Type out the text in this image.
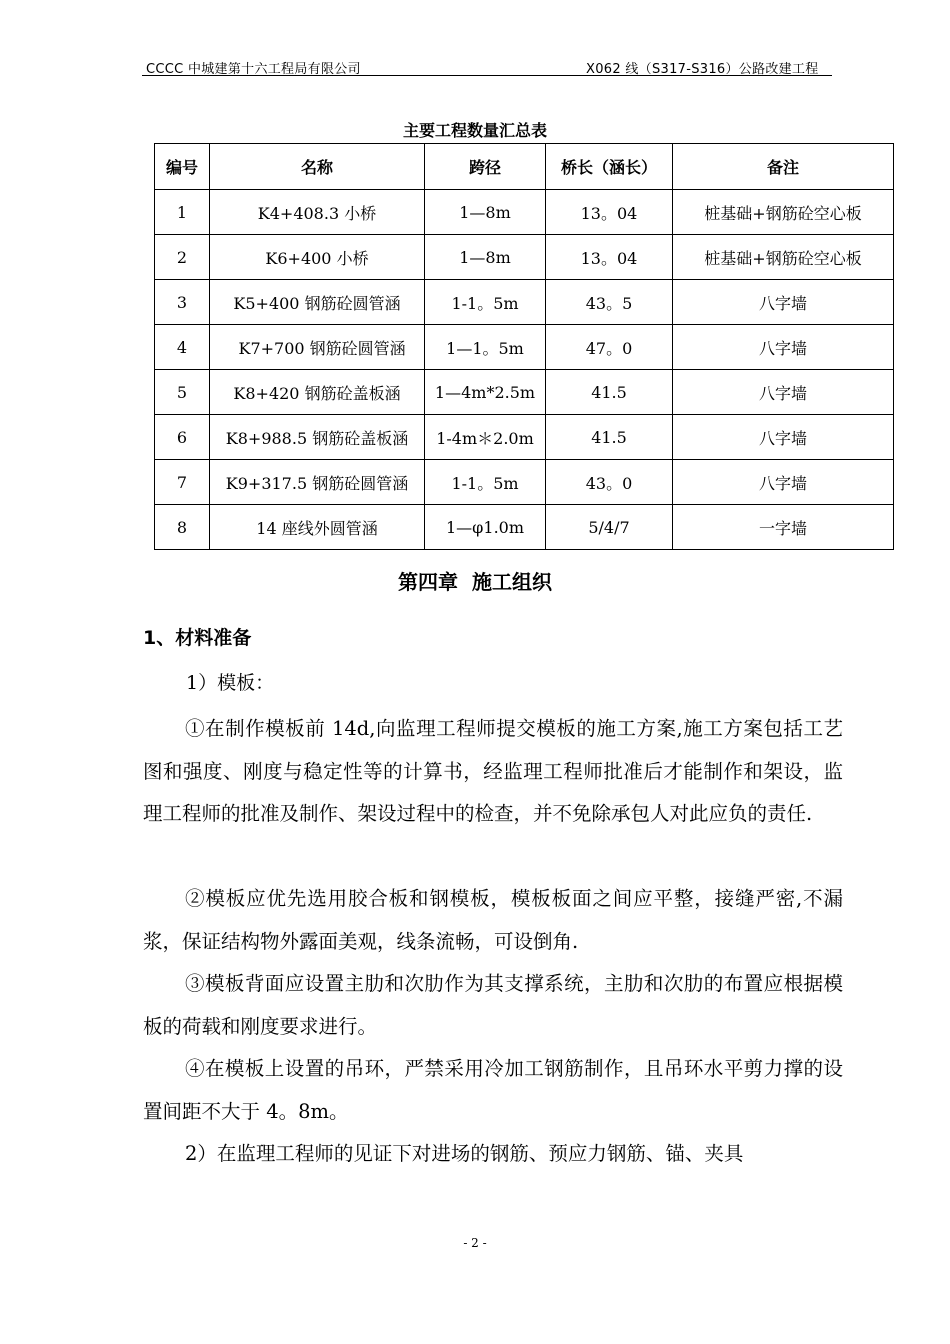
CCCC 中城建第十六工程局有限公司	X062 线（S317-S316）公路改建工程
主要工程数量汇总表
编号	名称	跨径	桥长（涵长）	备注
1	K4+408.3 小桥	1—8m	13。04	桩基础+钢筋砼空心板
2	K6+400 小桥	1—8m	13。04	桩基础+钢筋砼空心板
3	K5+400 钢筋砼圆管涵	1-1。5m	43。5	八字墙
4	K7+700 钢筋砼圆管涵	1—1。5m	47。0	八字墙
5	K8+420 钢筋砼盖板涵	1—4m*2.5m	41.5	八字墙
6	K8+988.5 钢筋砼盖板涵	1-4m＊2.0m	41.5	八字墙
7	K9+317.5 钢筋砼圆管涵	1-1。5m	43。0	八字墙
8	14 座线外圆管涵	1—φ1.0m	5/4/7	一字墙
第四章  施工组织
1、材料准备
1）模板：

①在制作模板前 14d,向监理工程师提交模板的施工方案,施工方案包括工艺图和强度、刚度与稳定性等的计算书，经监理工程师批准后才能制作和架设，监理工程师的批准及制作、架设过程中的检查，并不免除承包人对此应负的责任.

②模板应优先选用胶合板和钢模板，模板板面之间应平整，接缝严密,不漏浆，保证结构物外露面美观，线条流畅，可设倒角.

③模板背面应设置主肋和次肋作为其支撑系统，主肋和次肋的布置应根据模板的荷载和刚度要求进行。

④在模板上设置的吊环，严禁采用冷加工钢筋制作，且吊环水平剪力撑的设置间距不大于 4。8m。

2）在监理工程师的见证下对进场的钢筋、预应力钢筋、锚、夹具

- 2 -
